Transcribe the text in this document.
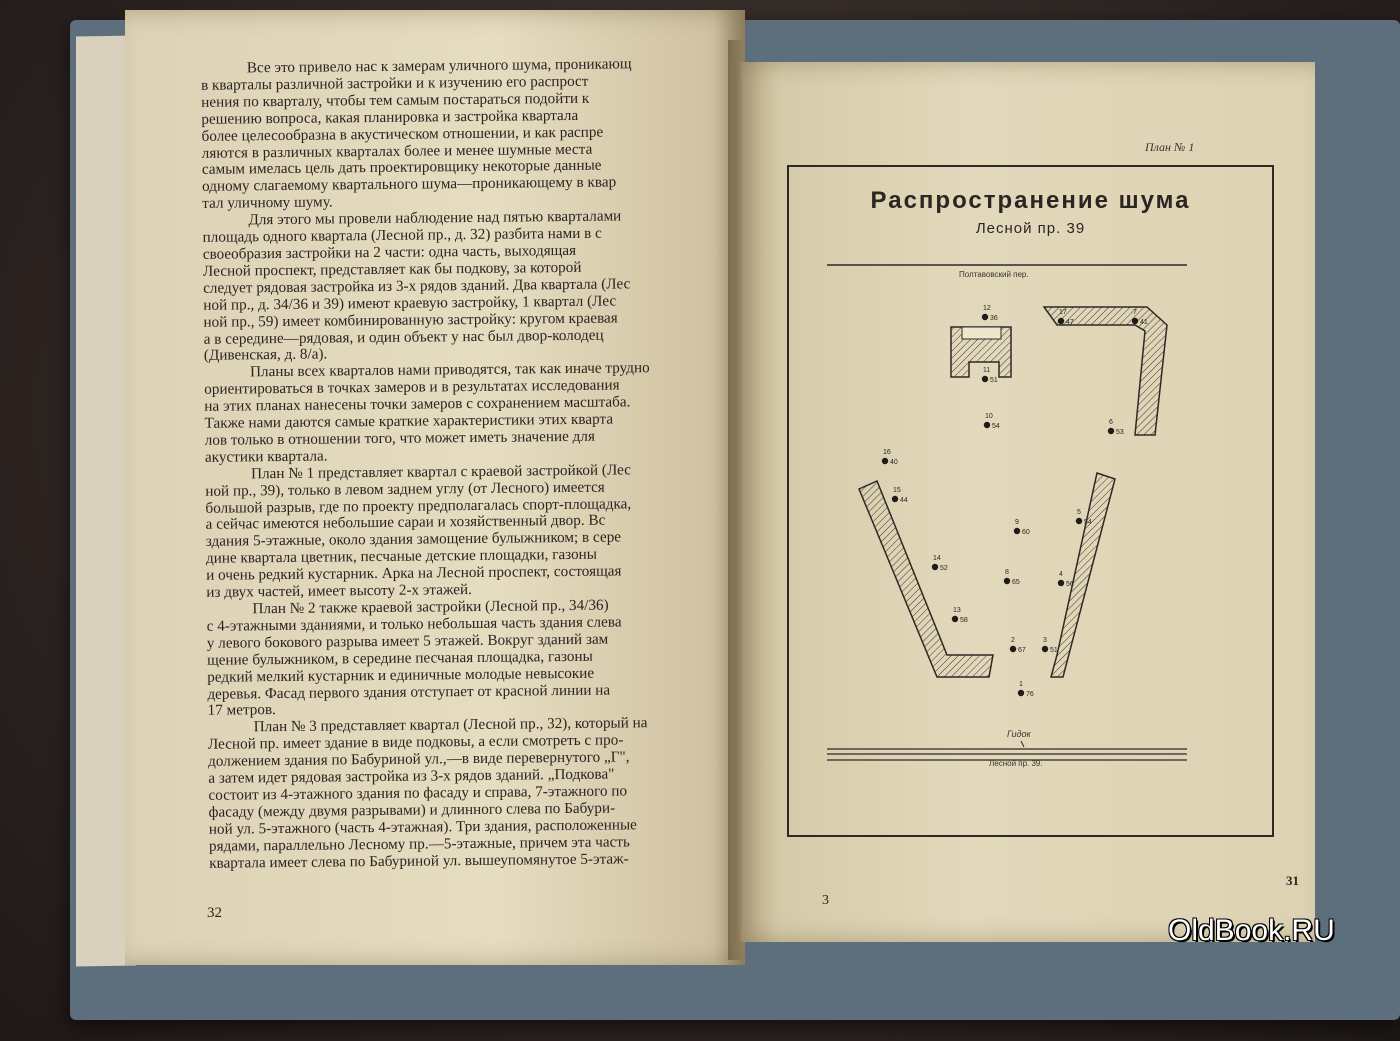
Все это привело нас к замерам уличного шума, проникающ
в кварталы различной застройки и к изучению его распрост
нения по кварталу, чтобы тем самым постараться подойти к
решению вопроса, какая планировка и застройка квартала
более целесообразна в акустическом отношении, и как распре
ляются в различных кварталах более и менее шумные места
самым имелась цель дать проектировщику некоторые данные
одному слагаемому квартального шума—проникающему в квар
тал уличному шуму.
Для этого мы провели наблюдение над пятью кварталами
площадь одного квартала (Лесной пр., д. 32) разбита нами в с
своеобразия застройки на 2 части: одна часть, выходящая
Лесной проспект, представляет как бы подкову, за которой
следует рядовая застройка из 3-х рядов зданий. Два квартала (Лес
ной пр., д. 34/36 и 39) имеют краевую застройку, 1 квартал (Лес
ной пр., 59) имеет комбинированную застройку: кругом краевая
а в середине—рядовая, и один объект у нас был двор-колодец
(Дивенская, д. 8/а).
Планы всех кварталов нами приводятся, так как иначе трудно
ориентироваться в точках замеров и в результатах исследования
на этих планах нанесены точки замеров с сохранением масштаба.
Также нами даются самые краткие характеристики этих кварта
лов только в отношении того, что может иметь значение для
акустики квартала.
План № 1 представляет квартал с краевой застройкой (Лес
ной пр., 39), только в левом заднем углу (от Лесного) имеется
большой разрыв, где по проекту предполагалась спорт-площадка,
а сейчас имеются небольшие сараи и хозяйственный двор. Вс
здания 5-этажные, около здания замощение булыжником; в сере
дине квартала цветник, песчаные детские площадки, газоны
и очень редкий кустарник. Арка на Лесной проспект, состоящая
из двух частей, имеет высоту 2-х этажей.
План № 2 также краевой застройки (Лесной пр., 34/36)
с 4-этажными зданиями, и только небольшая часть здания слева
у левого бокового разрыва имеет 5 этажей. Вокруг зданий зам
щение булыжником, в середине песчаная площадка, газоны
редкий мелкий кустарник и единичные молодые невысокие
деревья. Фасад первого здания отступает от красной линии на
17 метров.
План № 3 представляет квартал (Лесной пр., 32), который на
Лесной пр. имеет здание в виде подковы, а если смотреть с про-
должением здания по Бабуриной ул.,—в виде перевернутого „Г",
а затем идет рядовая застройка из 3-х рядов зданий. „Подкова"
состоит из 4-этажного здания по фасаду и справа, 7-этажного по
фасаду (между двумя разрывами) и длинного слева по Бабури-
ной ул. 5-этажного (часть 4-этажная). Три здания, расположенные
рядами, параллельно Лесному пр.—5-этажные, причем эта часть
квартала имеет слева по Бабуриной ул. вышеупомянутое 5-этаж-
32
План № 1
Распространение шума
Лесной пр. 39
12
36
11
51
17
47
7
41
10
54
6
53
16
40
15
44
9
60
5
54
14
52
8
65
4
56
13
58
2
67
3
51
1
76
Полтавовский пер.
Гидок
Лесной пр. 39.
3
31
OldBook.RU
